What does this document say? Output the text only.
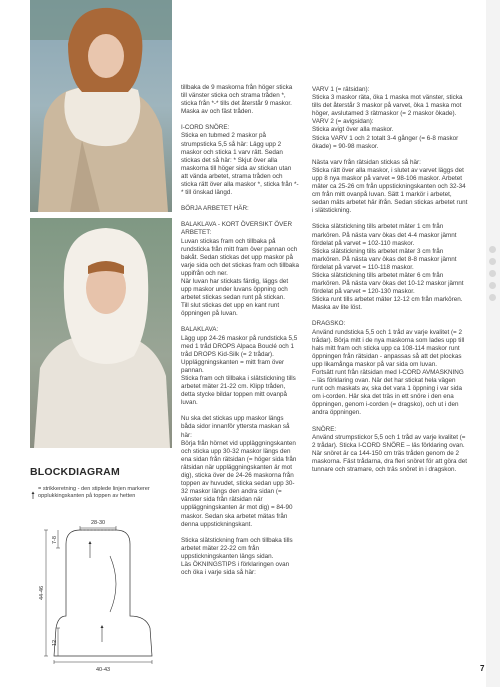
tillbaka de 9 maskorna från höger sticka till vänster sticka och strama tråden *, sticka från *-* tills det återstår 9 maskor. Maska av och fäst tråden.

I-CORD SNÖRE:
Sticka en tubmed 2 maskor på strumpsticka 5,5 så här: Lägg upp 2 maskor och sticka 1 varv rätt. Sedan stickas det så här: * Skjut över alla maskorna till höger sida av stickan utan att vända arbetet, strama tråden och sticka rätt över alla maskor *, sticka från *-* till önskad längd.

BÖRJA ARBETET HÄR:

BALAKLAVA - KORT ÖVERSIKT ÖVER ARBETET:
Luvan stickas fram och tillbaka på rundsticka från mitt fram över pannan och bakåt. Sedan stickas det upp maskor på varje sida och det stickas fram och tillbaka uppifrån och ner.
När luvan har stickats färdig, läggs det upp maskor under luvans öppning och arbetet stickas sedan runt på stickan.
Till slut stickas det upp en kant runt öppningen på luvan.

BALAKLAVA:
Lägg upp 24-26 maskor på rundsticka 5,5 med 1 tråd DROPS Alpaca Bouclé och 1 tråd DROPS Kid-Silk (= 2 trådar). Uppläggningskanten = mitt fram över pannan.
Sticka fram och tillbaka i slätstickning tills arbetet mäter 21-22 cm. Klipp tråden, detta stycke bildar toppen mitt ovanpå luvan.

Nu ska det stickas upp maskor längs båda sidor innanför yttersta maskan så här:
Börja från hörnet vid uppläggningskanten och sticka upp 30-32 maskor längs den ena sidan från rätsidan (= höger sida från rätsidan när uppläggningskanten är mot dig), sticka över de 24-26 maskorna från toppen av huvudet, sticka sedan upp 30-32 maskor längs den andra sidan (= vänster sida från rätsidan när uppläggningskanten är mot dig) = 84-90 maskor. Sedan ska arbetet mätas från denna uppstickningskant.

Sticka slätstickning fram och tillbaka tills arbetet mäter 22-22 cm från uppstickningskanten längs sidan.
Läs ÖKNINGSTIPS i förklaringen ovan och öka i varje sida så här:

VARV 1 (= rätsidan):
Sticka 3 maskor räta, öka 1 maska mot vänster, sticka tills det återstår 3 maskor på varvet, öka 1 maska mot höger, avslutamed 3 rätmaskor (= 2 maskor ökade).
VARV 2 (= avigsidan):
Sticka avigt över alla maskor.
Sticka VARV 1 och 2 totalt 3-4 gånger (= 6-8 maskor ökade) = 90-98 maskor.

Nästa varv från rätsidan stickas så här:
Sticka rätt över alla maskor, i slutet av varvet läggs det upp 8 nya maskor på varvet = 98-106 maskor. Arbetet mäter ca 25-26 cm från uppstickningskanten och 32-34 cm från mitt ovanpå luvan. Sätt 1 markör i arbetet, sedan mäts arbetet här ifrån. Sedan stickas arbetet runt i slätstickning.

Sticka slätstickning tills arbetet mäter 1 cm från markören. På nästa varv ökas det 4-4 maskor jämnt fördelat på varvet = 102-110 maskor.
Sticka slätstickning tills arbetet mäter 3 cm från markören. På nästa varv ökas det 8-8 maskor jämnt fördelat på varvet = 110-118 maskor.
Sticka slätstickning tills arbetet mäter 6 cm från markören. På nästa varv ökas det 10-12 maskor jämnt fördelat på varvet = 120-130 maskor.
Sticka runt tills arbetet mäter 12-12 cm från markören. Maska av lite löst.

DRAGSKO:
Använd rundsticka 5,5 och 1 tråd av varje kvalitet (= 2 trådar). Börja mitt i de nya maskorna som lades upp till hals mitt fram och sticka upp ca 108-114 maskor runt öppningen från rätsidan - anpassas så att det plockas upp likamånga maskor på var sida om luvan.
Fortsätt runt från rätsidan med I-CORD AVMASKNING – läs förklaring ovan. När det har stickat hela vägen runt och maskats av, ska det vara 1 öppning i var sida om i-corden. Här ska det träs in ett snöre i den ena öppningen, genom i-corden (= dragsko), och ut i den andra öppningen.

SNÖRE:
Använd strumpstickor 5,5 och 1 tråd av varje kvalitet (= 2 trådar). Sticka I-CORD SNÖRE – läs förklaring ovan. När snöret är ca 144-150 cm träs tråden genom de 2 maskorna. Fäst trådarna, dra fleri snöret för att göra det tunnare och stramare, och träs snöret in i dragskon.

BLOCKDIAGRAM
28-30
44-46
7-8
12
40-43
= strikkeretning - den stiplede linjen markerer opplukkingskanten på toppen av hetten
7
